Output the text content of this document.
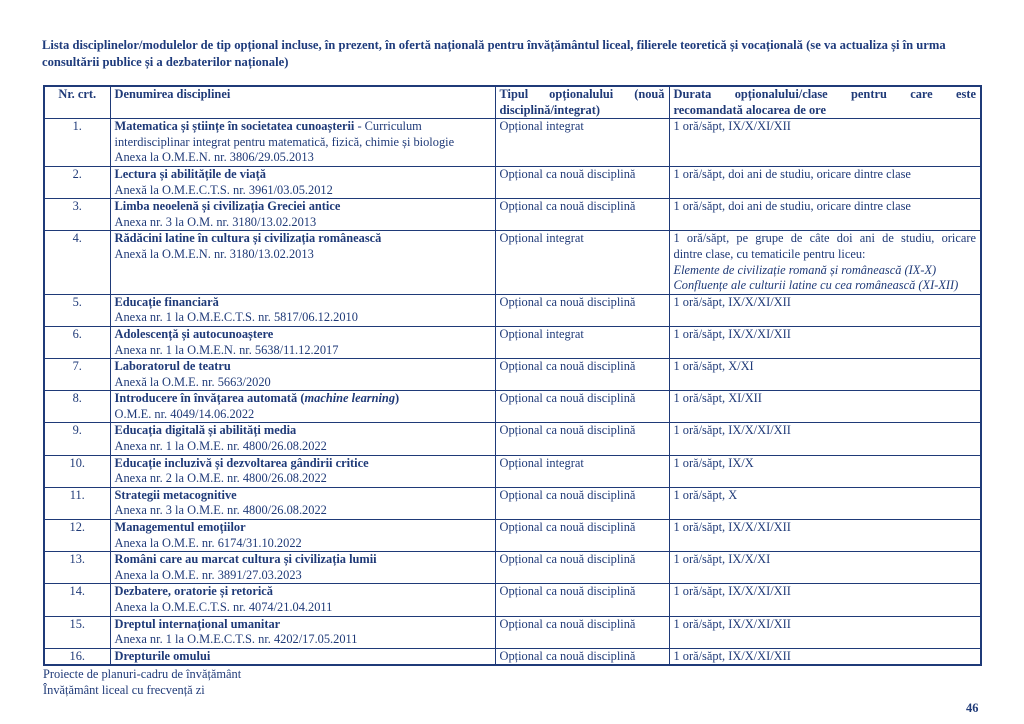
Lista disciplinelor/modulelor de tip opțional incluse, în prezent, în ofertă națională pentru învățământul liceal, filierele teoretică și vocațională (se va actualiza și în urma consultării publice și a dezbaterilor naționale)
Nr. crt.	Denumirea disciplinei	Tipul opționalului (nouă
disciplină/integrat)	Durata opționalului/clase pentru care este
recomandată alocarea de ore

1.	Matematica și științe în societatea cunoașterii - Curriculum
interdisciplinar integrat pentru matematică, fizică, chimie și biologie
Anexa la O.M.E.N. nr. 3806/29.05.2013	Opțional integrat	1 oră/săpt, IX/X/XI/XII
2.	Lectura și abilitățile de viață
Anexă la O.M.E.C.T.S. nr. 3961/03.05.2012	Opțional ca nouă disciplină	1 oră/săpt, doi ani de studiu, oricare dintre clase
3.	Limba neoelenă și civilizația Greciei antice
Anexa nr. 3 la O.M. nr. 3180/13.02.2013	Opțional ca nouă disciplină	1 oră/săpt, doi ani de studiu, oricare dintre clase
4.	Rădăcini latine în cultura și civilizația românească
Anexă la O.M.E.N. nr. 3180/13.02.2013	Opțional integrat	1 oră/săpt, pe grupe de câte doi ani de studiu, oricare
dintre clase, cu tematicile pentru liceu:
Elemente de civilizație romană și românească (IX-X)
Confluențe ale culturii latine cu cea românească (XI-XII)

5.	Educație financiară
Anexa nr. 1 la O.M.E.C.T.S. nr. 5817/06.12.2010	Opțional ca nouă disciplină	1 oră/săpt, IX/X/XI/XII
6.	Adolescență și autocunoaștere
Anexa nr. 1 la O.M.E.N. nr. 5638/11.12.2017	Opțional integrat	1 oră/săpt, IX/X/XI/XII
7.	Laboratorul de teatru
Anexă la O.M.E. nr. 5663/2020	Opțional ca nouă disciplină	1 oră/săpt, X/XI
8.	Introducere în învățarea automată (machine learning)
O.M.E. nr. 4049/14.06.2022	Opțional ca nouă disciplină	1 oră/săpt, XI/XII
9.	Educația digitală și abilități media
Anexa nr. 1 la O.M.E. nr. 4800/26.08.2022	Opțional ca nouă disciplină	1 oră/săpt, IX/X/XI/XII
10.	Educație incluzivă și dezvoltarea gândirii critice
Anexa nr. 2 la O.M.E. nr. 4800/26.08.2022	Opțional integrat	1 oră/săpt, IX/X
11.	Strategii metacognitive
Anexa nr. 3 la O.M.E. nr. 4800/26.08.2022	Opțional ca nouă disciplină	1 oră/săpt, X
12.	Managementul emoțiilor
Anexa la O.M.E. nr. 6174/31.10.2022	Opțional ca nouă disciplină	1 oră/săpt, IX/X/XI/XII
13.	Români care au marcat cultura și civilizația lumii
Anexa la O.M.E. nr. 3891/27.03.2023	Opțional ca nouă disciplină	1 oră/săpt, IX/X/XI
14.	Dezbatere, oratorie și retorică
Anexa la O.M.E.C.T.S. nr. 4074/21.04.2011	Opțional ca nouă disciplină	1 oră/săpt, IX/X/XI/XII
15.	Dreptul internațional umanitar
Anexa nr. 1 la O.M.E.C.T.S. nr. 4202/17.05.2011	Opțional ca nouă disciplină	1 oră/săpt, IX/X/XI/XII
16.	Drepturile omului	Opțional ca nouă disciplină	1 oră/săpt, IX/X/XI/XII
Proiecte de planuri-cadru de învățământ
Învățământ liceal cu frecvență zi
46
